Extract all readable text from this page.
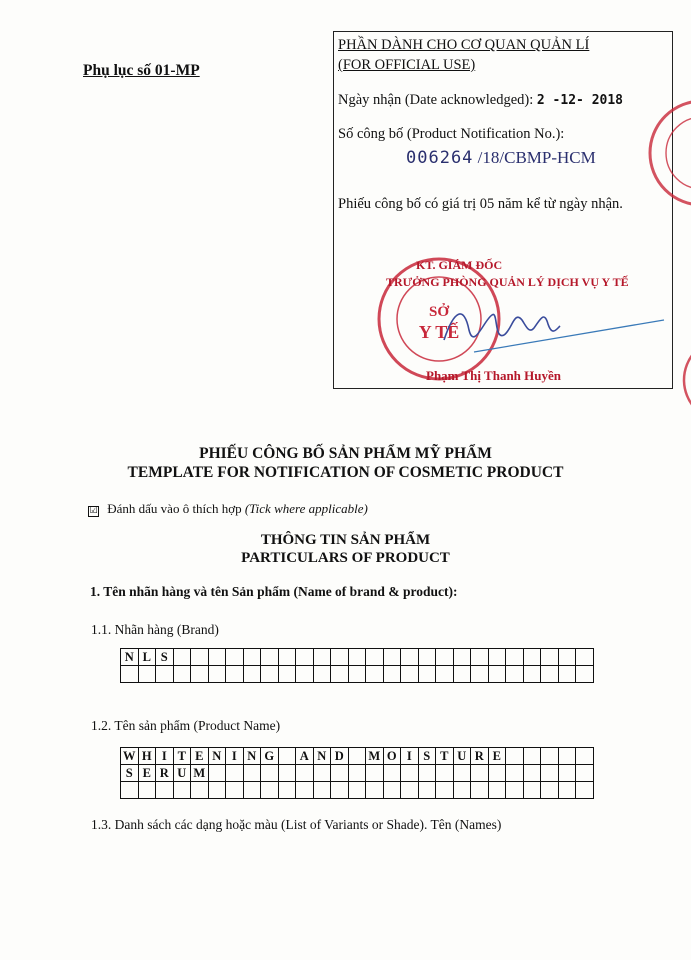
Phụ lục số 01-MP
PHẦN DÀNH CHO CƠ QUAN QUẢN LÍ
(FOR OFFICIAL USE)
Ngày nhận (Date acknowledged): 2 -12- 2018
Số công bố (Product Notification No.):
006264 /18/CBMP-HCM
Phiếu công bố có giá trị 05 năm kể từ ngày nhận.
SỞ
Y TẾ
KT. GIÁM ĐỐC
TRƯỞNG PHÒNG QUẢN LÝ DỊCH VỤ Y TẾ
Phạm Thị Thanh Huyền
PHIẾU CÔNG BỐ SẢN PHẨM MỸ PHẨM
TEMPLATE FOR NOTIFICATION OF COSMETIC PRODUCT
☑ Đánh dấu vào ô thích hợp (Tick where applicable)
THÔNG TIN SẢN PHẨM
PARTICULARS OF PRODUCT
1. Tên nhãn hàng và tên Sản phẩm (Name of brand & product):
1.1. Nhãn hàng (Brand)
N	L	S																								

1.2. Tên sản phẩm (Product Name)
W	H	I	T	E	N	I	N	G		A	N	D		M	O	I	S	T	U	R	E					
S	E	R	U	M																						

1.3. Danh sách các dạng hoặc màu (List of Variants or Shade). Tên (Names)
